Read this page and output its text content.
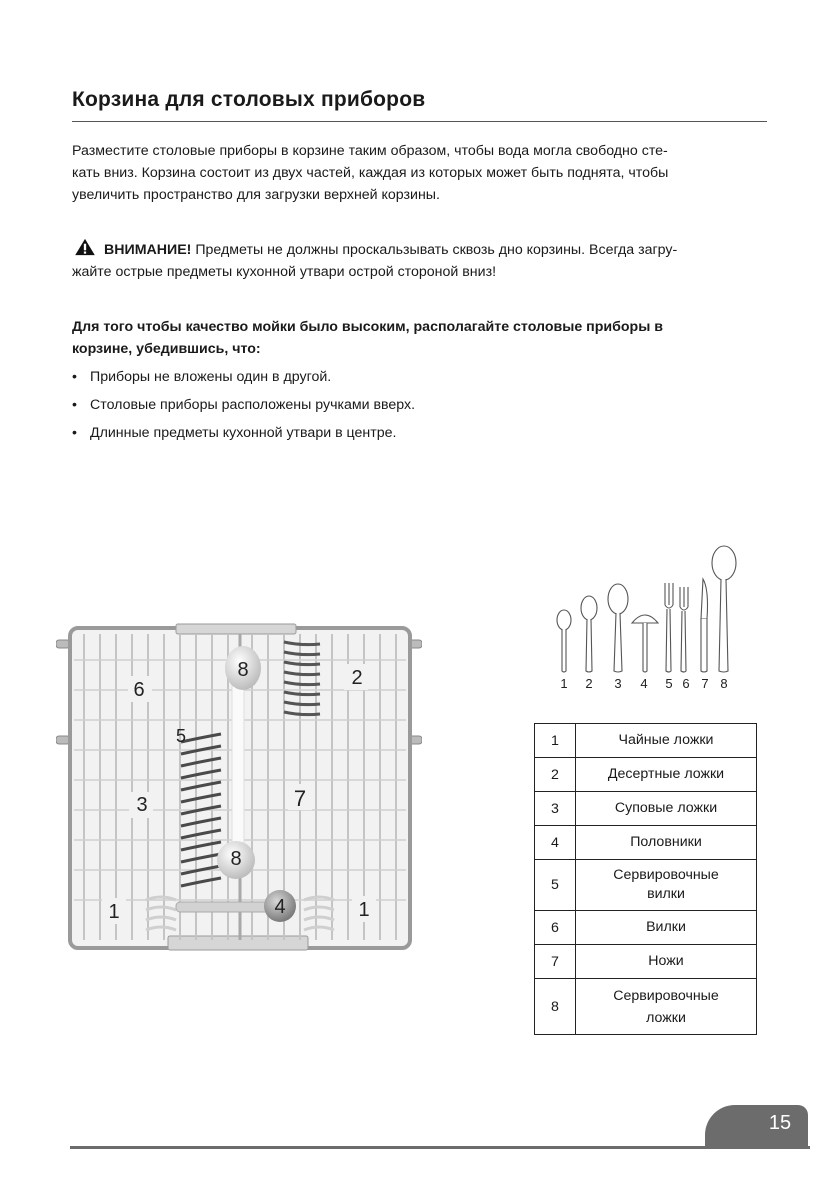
Корзина для столовых приборов
Разместите столовые приборы в корзине таким образом, чтобы вода могла свободно сте-
кать вниз. Корзина состоит из двух частей, каждая из которых может быть поднята, чтобы
увеличить пространство для загрузки верхней корзины.
ВНИМАНИЕ! Предметы не должны проскальзывать сквозь дно корзины. Всегда загру-
жайте острые предметы кухонной утвари острой стороной вниз!
Для того чтобы качество мойки было высоким, располагайте столовые приборы в
корзине, убедившись, что:
• Приборы не вложены один в другой.
• Столовые приборы расположены ручками вверх.
• Длинные предметы кухонной утвари в центре.
6
2
5
3	7
8
8
4
1	1
1 2 3 4 5 6 7 8
1	Чайные ложки
2	Десертные ложки
3	Суповые ложки
4	Половники
5	Сервировочные
вилки
6	Вилки
7	Ножи
8	Сервировочные
ложки
15
